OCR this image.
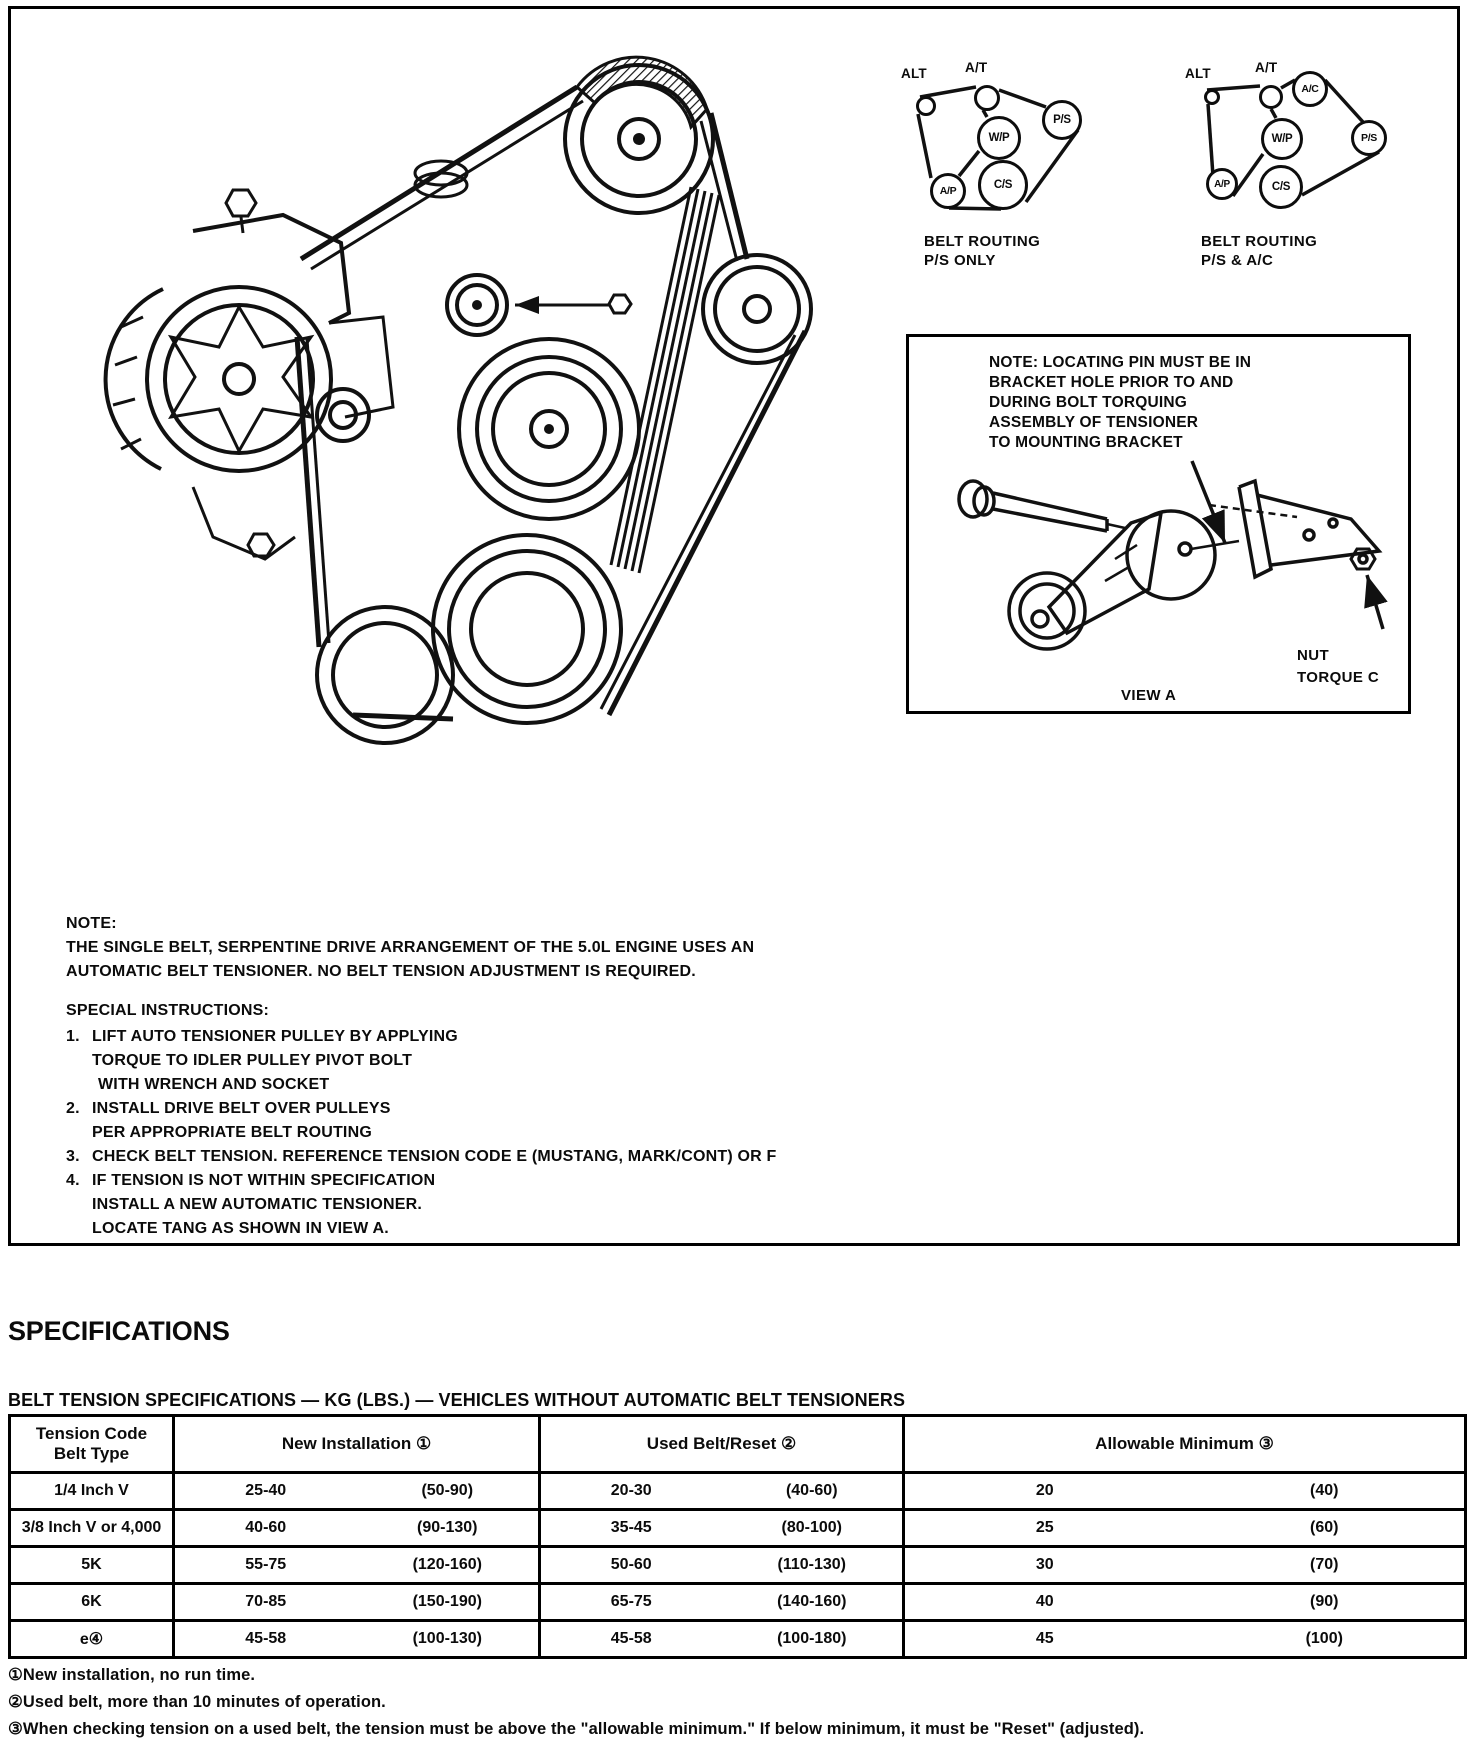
ALT	A/T
P/S
W/P
C/S
A/P
BELT ROUTING
P/S ONLY
ALT	A/T
A/C
W/P
C/S
A/P
P/S
BELT ROUTING
P/S & A/C
NOTE: LOCATING PIN MUST BE IN
BRACKET HOLE PRIOR TO AND
DURING BOLT TORQUING
ASSEMBLY OF TENSIONER
TO MOUNTING BRACKET
NUT
TORQUE C
VIEW A
NOTE:
THE SINGLE BELT, SERPENTINE DRIVE ARRANGEMENT OF THE 5.0L ENGINE USES AN
AUTOMATIC BELT TENSIONER. NO BELT TENSION ADJUSTMENT IS REQUIRED.
SPECIAL INSTRUCTIONS:
1. LIFT AUTO TENSIONER PULLEY BY APPLYING
TORQUE TO IDLER PULLEY PIVOT BOLT
WITH WRENCH AND SOCKET
2. INSTALL DRIVE BELT OVER PULLEYS
PER APPROPRIATE BELT ROUTING
3. CHECK BELT TENSION. REFERENCE TENSION CODE E (MUSTANG, MARK/CONT) OR F
4. IF TENSION IS NOT WITHIN SPECIFICATION
INSTALL A NEW AUTOMATIC TENSIONER.
LOCATE TANG AS SHOWN IN VIEW A.
SPECIFICATIONS
BELT TENSION SPECIFICATIONS — KG (LBS.) — VEHICLES WITHOUT AUTOMATIC BELT TENSIONERS
Tension Code
Belt Type	New Installation ①	Used Belt/Reset ②	Allowable Minimum ③
1/4 Inch V	25-40 (50-90)	20-30 (40-60)	20 (40)

3/8 Inch V or 4,000	40-60 (90-130)	35-45 (80-100)	25 (60)

5K	55-75 (120-160)	50-60 (110-130)	30 (70)

6K	70-85 (150-190)	65-75 (140-160)	40 (90)

e④	45-58 (100-130)	45-58 (100-180)	45 (100)
①New installation, no run time.
②Used belt, more than 10 minutes of operation.
③When checking tension on a used belt, the tension must be above the "allowable minimum." If below minimum, it must be "Reset" (adjusted).
